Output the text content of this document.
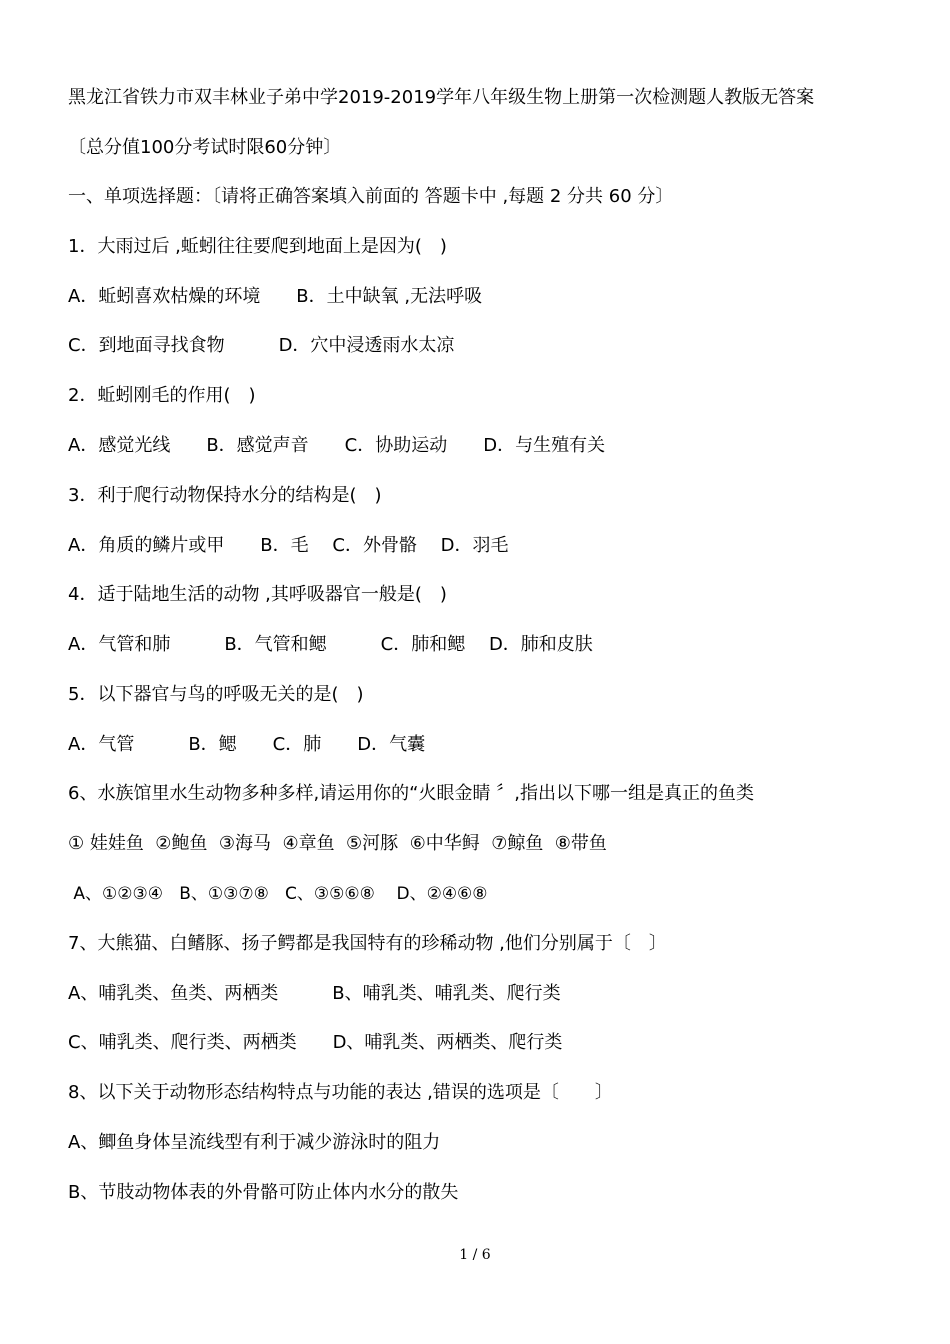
黑龙江省铁力市双丰林业子弟中学2019-2019学年八年级生物上册第一次检测题人教版无答案
〔总分值100分考试时限60分钟〕
一、单项选择题：〔请将正确答案填入前面的 答题卡中 ,每题 2 分共 60 分〕
1．大雨过后 ,蚯蚓往往要爬到地面上是因为(　)
A．蚯蚓喜欢枯燥的环境　　B．土中缺氧 ,无法呼吸
C．到地面寻找食物　　　D．穴中浸透雨水太凉
2．蚯蚓刚毛的作用(　)
A．感觉光线　　B．感觉声音　　C．协助运动　　D．与生殖有关
3．利于爬行动物保持水分的结构是(　)
A．角质的鳞片或甲　　B．毛　 C．外骨骼　 D．羽毛
4．适于陆地生活的动物 ,其呼吸器官一般是(　)
A．气管和肺　　　B．气管和鳃　　　C．肺和鳃　 D．肺和皮肤
5．以下器官与鸟的呼吸无关的是(　)
A．气管　　　B．鳃　　C．肺　　D．气囊
6、水族馆里水生动物多种多样,请运用你的“火眼金睛 〞,指出以下哪一组是真正的鱼类
① 娃娃鱼  ②鲍鱼  ③海马  ④章鱼  ⑤河豚  ⑥中华鲟  ⑦鲸鱼  ⑧带鱼
A、①②③④   B、①③⑦⑧   C、③⑤⑥⑧    D、②④⑥⑧
7、大熊猫、白鳍豚、扬子鳄都是我国特有的珍稀动物 ,他们分别属于〔　〕
A、哺乳类、鱼类、两栖类　　　B、哺乳类、哺乳类、爬行类
C、哺乳类、爬行类、两栖类　　D、哺乳类、两栖类、爬行类
8、以下关于动物形态结构特点与功能的表达 ,错误的选项是〔　　〕
A、鲫鱼身体呈流线型有利于减少游泳时的阻力
B、节肢动物体表的外骨骼可防止体内水分的散失
1 / 6
